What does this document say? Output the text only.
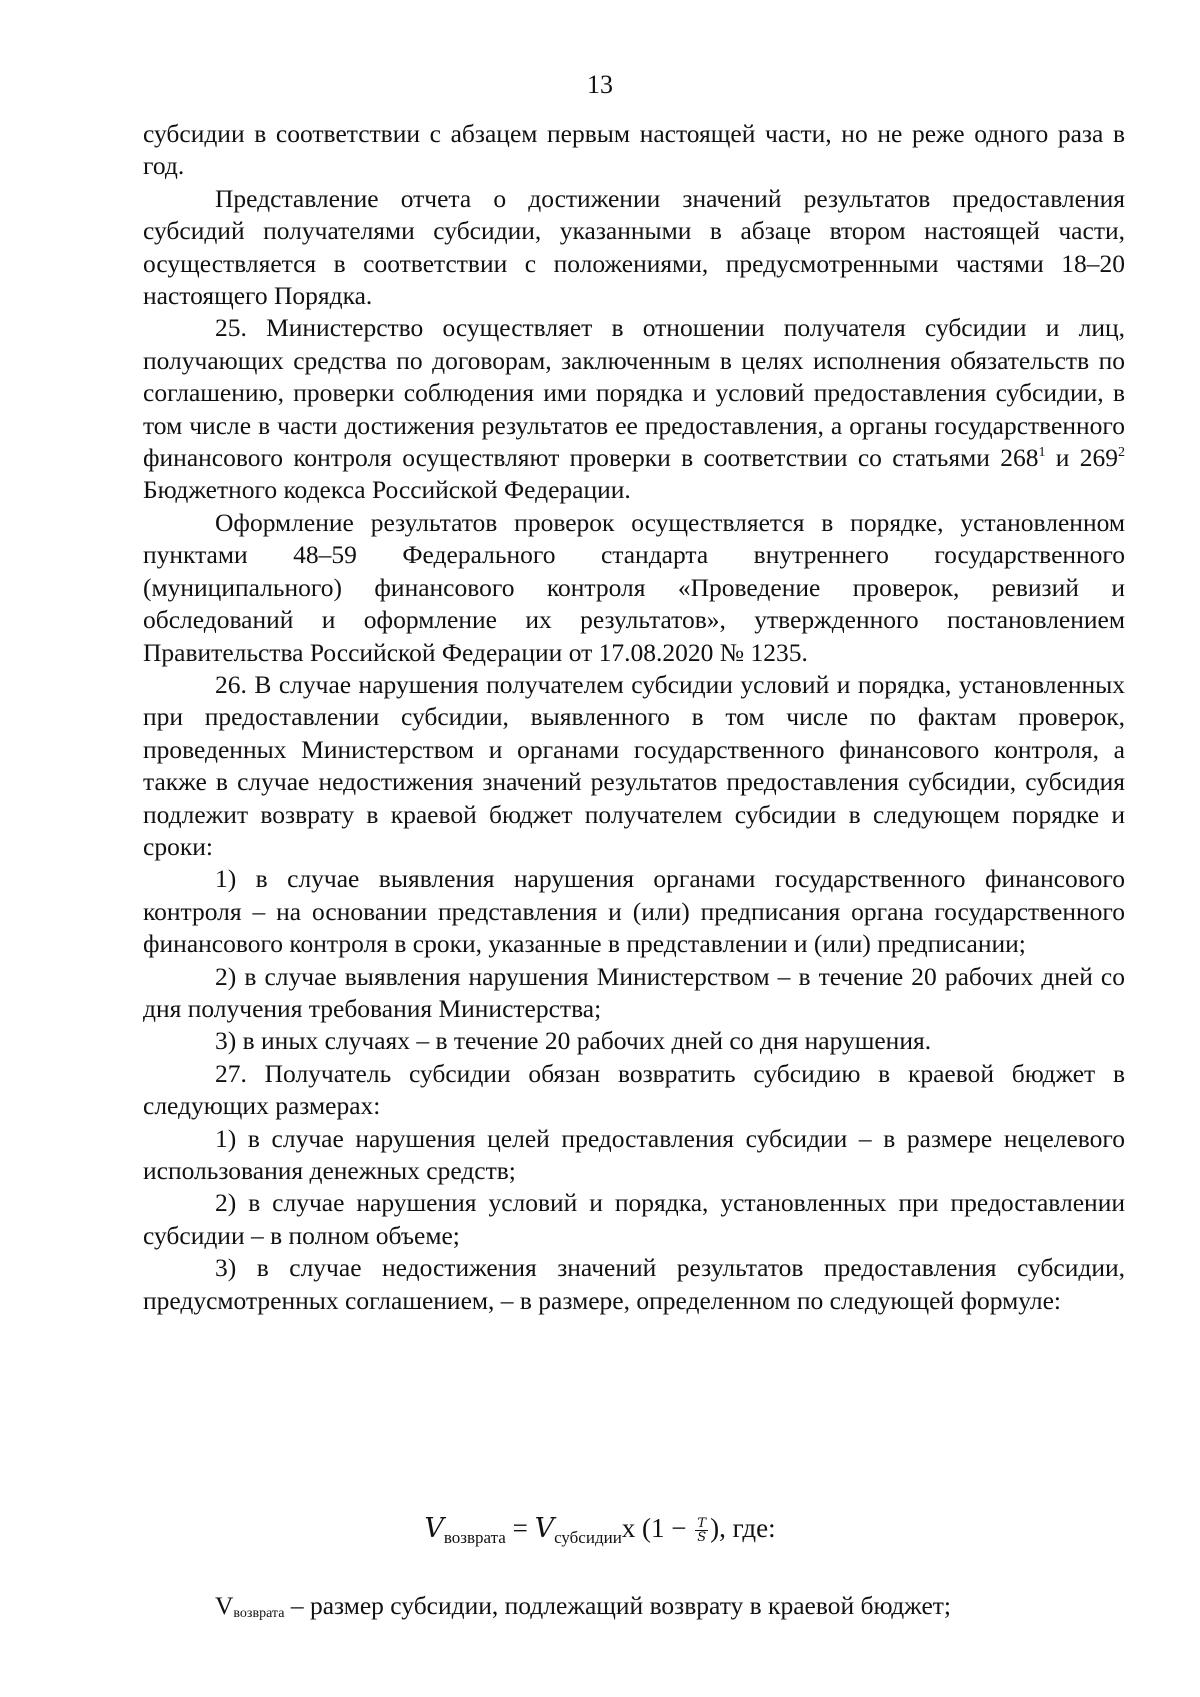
13

субсидии в соответствии с абзацем первым настоящей части, но не реже одного раза в год.

Представление отчета о достижении значений результатов предоставления субсидий получателями субсидии, указанными в абзаце втором настоящей части, осуществляется в соответствии с положениями, предусмотренными частями 18–20 настоящего Порядка.

25. Министерство осуществляет в отношении получателя субсидии и лиц, получающих средства по договорам, заключенным в целях исполнения обязательств по соглашению, проверки соблюдения ими порядка и условий предоставления субсидии, в том числе в части достижения результатов ее предоставления, а органы государственного финансового контроля осуществляют проверки в соответствии со статьями $268^1$ и $269^2$ Бюджетного кодекса Российской Федерации.

Оформление результатов проверок осуществляется в порядке, установленном пунктами 48–59 Федерального стандарта внутреннего государственного (муниципального) финансового контроля «Проведение проверок, ревизий и обследований и оформление их результатов», утвержденного постановлением Правительства Российской Федерации от 17.08.2020 № 1235.

26. В случае нарушения получателем субсидии условий и порядка, установленных при предоставлении субсидии, выявленного в том числе по фактам проверок, проведенных Министерством и органами государственного финансового контроля, а также в случае недостижения значений результатов предоставления субсидии, субсидия подлежит возврату в краевой бюджет получателем субсидии в следующем порядке и сроки:

1) в случае выявления нарушения органами государственного финансового контроля – на основании представления и (или) предписания органа государственного финансового контроля в сроки, указанные в представлении и (или) предписании;

2) в случае выявления нарушения Министерством – в течение 20 рабочих дней со дня получения требования Министерства;

3) в иных случаях – в течение 20 рабочих дней со дня нарушения.

27. Получатель субсидии обязан возвратить субсидию в краевой бюджет в следующих размерах:

1) в случае нарушения целей предоставления субсидии – в размере нецелевого использования денежных средств;

2) в случае нарушения условий и порядка, установленных при предоставлении субсидии – в полном объеме;

3) в случае недостижения значений результатов предоставления субсидии, предусмотренных соглашением, – в размере, определенном по следующей формуле:

$V_{возврата} = V_{субсидии}x$ ($1 - \frac{T}{S}$ ), где:
Vвозврата – размер субсидии, подлежащий возврату в краевой бюджет;
